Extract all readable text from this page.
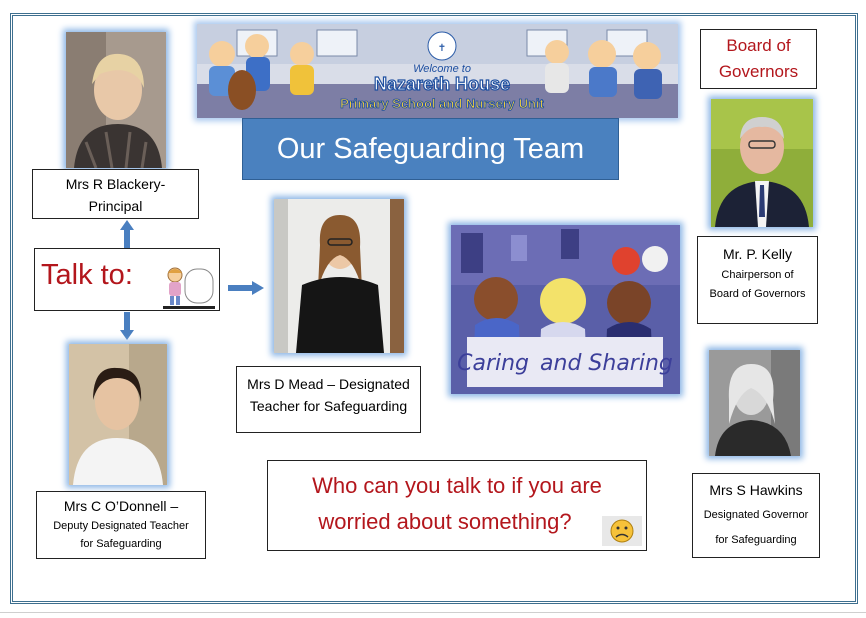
✝
Welcome to
Nazareth House
Primary School and Nursery Unit
Our Safeguarding Team
Board of
Governors
Mrs R Blackery-
Principal
Talk to:
Mrs C O’Donnell –
Deputy Designated Teacher
for Safeguarding
Mrs D Mead – Designated
Teacher for Safeguarding
Caring and Sharing
Mr. P. Kelly
Chairperson of
Board of Governors
Mrs S Hawkins
Designated Governor
for Safeguarding
Who can you talk to if you are
worried about something?
